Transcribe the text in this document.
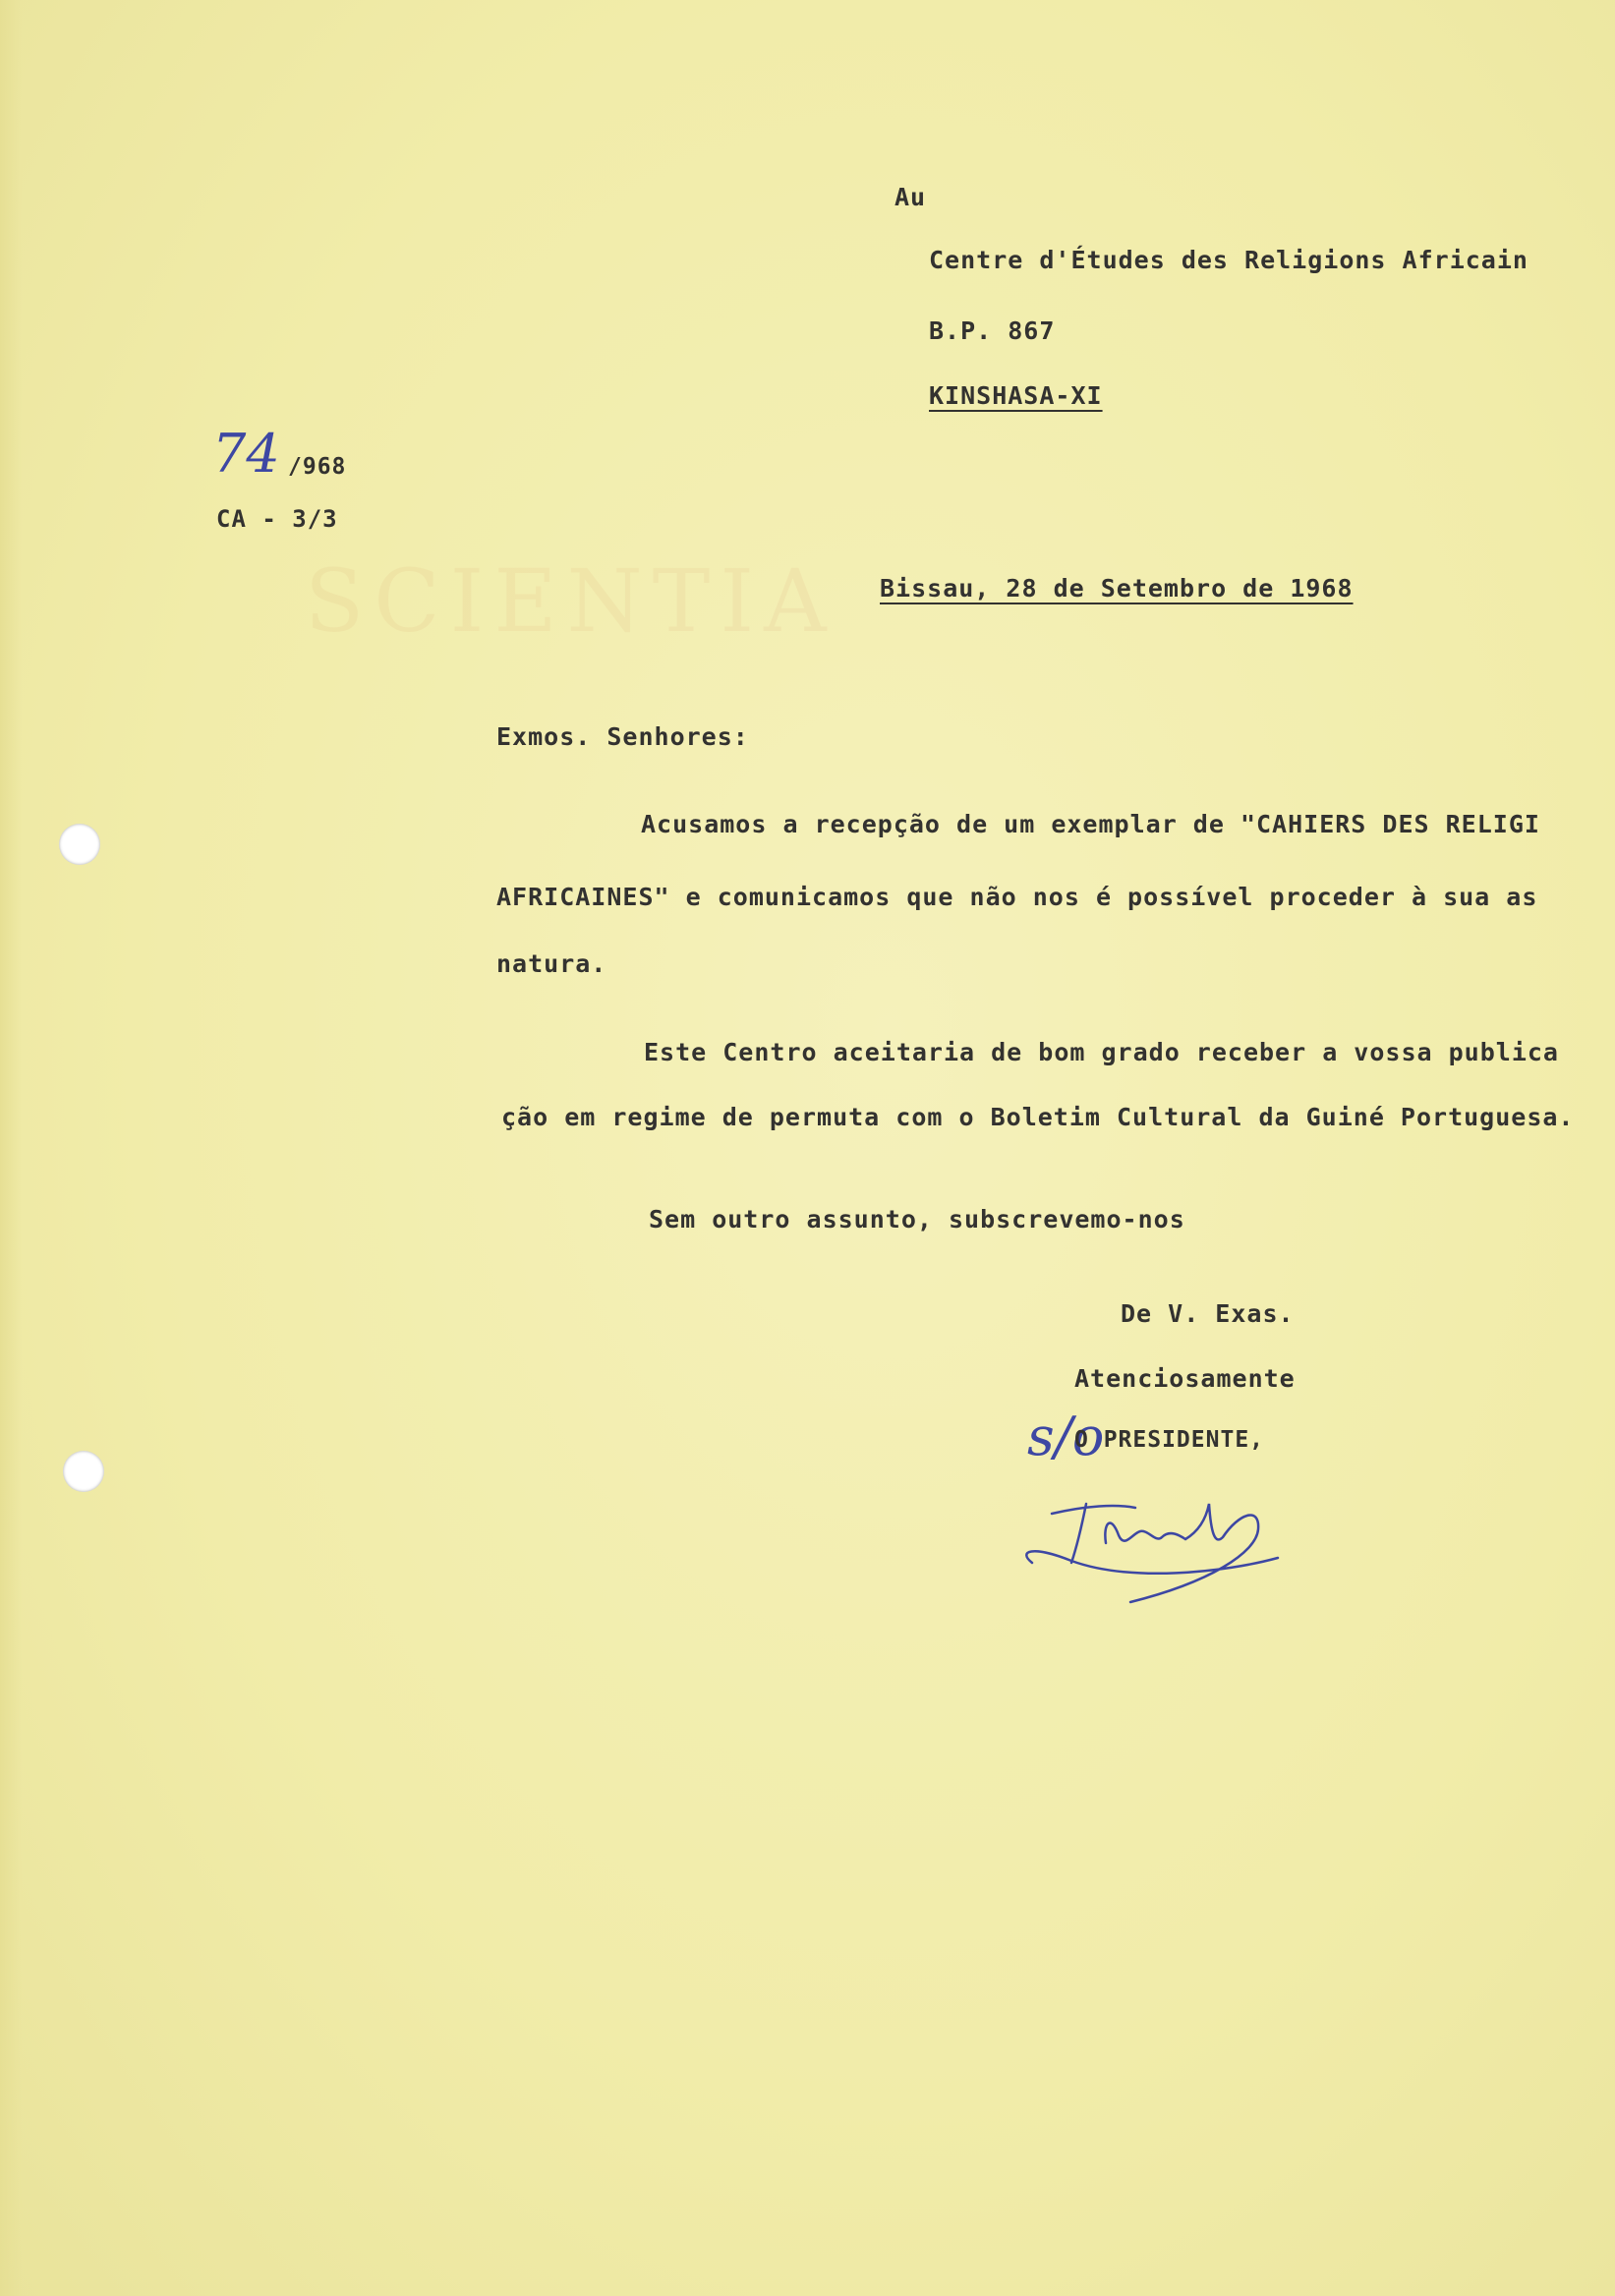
SCIENTIA
Au
Centre d'Études des Religions Africain
B.P. 867
KINSHASA-XI
74 /968
CA - 3/3
Bissau, 28 de Setembro de 1968
Exmos. Senhores:
Acusamos a recepção de um exemplar de "CAHIERS DES RELIGI
AFRICAINES" e comunicamos que não nos é possível proceder à sua as
natura.
Este Centro aceitaria de bom grado receber a vossa publica
ção em regime de permuta com o Boletim Cultural da Guiné Portuguesa.
Sem outro assunto, subscrevemo-nos
De V. Exas.
Atenciosamente
s/o
O PRESIDENTE,
